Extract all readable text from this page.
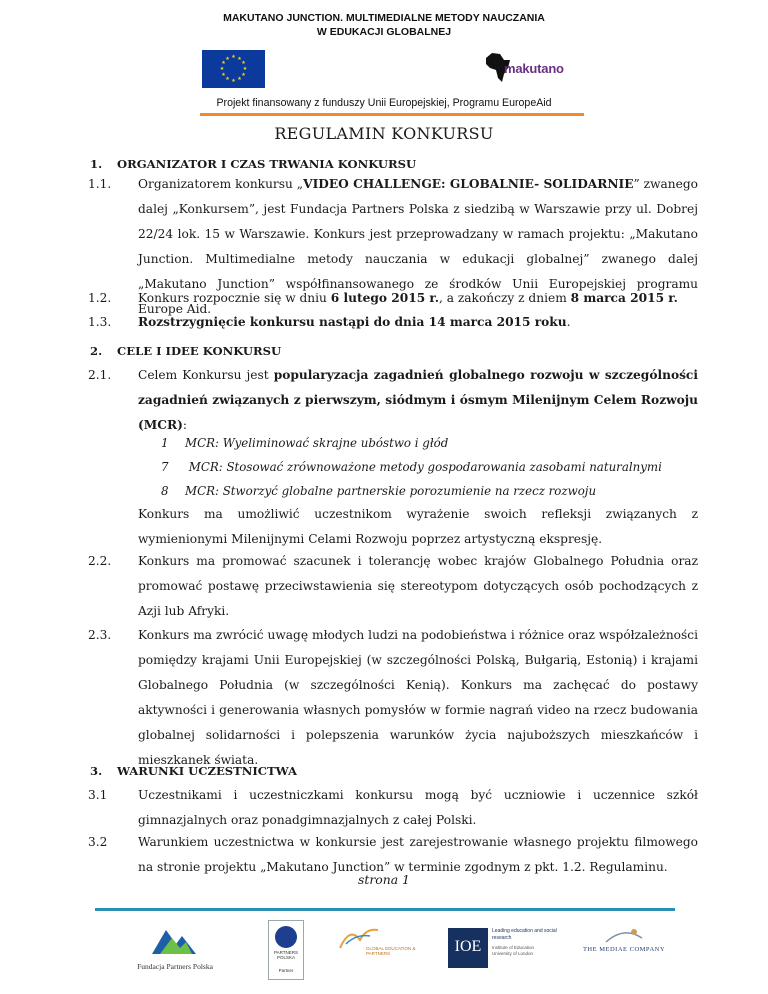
MAKUTANO JUNCTION. MULTIMEDIALNE METODY NAUCZANIA
W EDUKACJI GLOBALNEJ
★ ★
★
★
★
★
★
★
★
★
★
★
makutano
Projekt finansowany z funduszy Unii Europejskiej, Programu EuropeAid
REGULAMIN KONKURSU
1. ORGANIZATOR I CZAS TRWANIA KONKURSU
1.1. Organizatorem konkursu „VIDEO CHALLENGE: GLOBALNIE- SOLIDARNIE” zwanego dalej „Konkursem”, jest Fundacja Partners Polska z siedzibą w Warszawie przy ul. Dobrej 22/24 lok. 15 w Warszawie. Konkurs jest przeprowadzany w ramach projektu: „Makutano Junction. Multimedialne metody nauczania w edukacji globalnej” zwanego dalej „Makutano Junction” współfinansowanego ze środków Unii Europejskiej programu Europe Aid.
1.2. Konkurs rozpocznie się w dniu 6 lutego 2015 r., a zakończy z dniem 8 marca 2015 r.
1.3. Rozstrzygnięcie konkursu nastąpi do dnia 14 marca 2015 roku.
2. CELE I IDEE KONKURSU
2.1. Celem Konkursu jest popularyzacja zagadnień globalnego rozwoju w szczególności zagadnień związanych z pierwszym, siódmym i ósmym Milenijnym Celem Rozwoju (MCR):
1 MCR: Wyeliminować skrajne ubóstwo i głód
7 MCR: Stosować zrównoważone metody gospodarowania zasobami naturalnymi
8 MCR: Stworzyć globalne partnerskie porozumienie na rzecz rozwoju
Konkurs ma umożliwić uczestnikom wyrażenie swoich refleksji związanych z wymienionymi Milenijnymi Celami Rozwoju poprzez artystyczną ekspresję.
2.2. Konkurs ma promować szacunek i tolerancję wobec krajów Globalnego Południa oraz promować postawę przeciwstawienia się stereotypom dotyczących osób pochodzących z Azji lub Afryki.
2.3. Konkurs ma zwrócić uwagę młodych ludzi na podobieństwa i różnice oraz współzależności pomiędzy krajami Unii Europejskiej (w szczególności Polską, Bułgarią, Estonią) i krajami Globalnego Południa (w szczególności Kenią). Konkurs ma zachęcać do postawy aktywności i generowania własnych pomysłów w formie nagrań video na rzecz budowania globalnej solidarności i polepszenia warunków życia najuboższych mieszkańców i mieszkanek świata.
3. WARUNKI UCZESTNICTWA
3.1	Uczestnikami i uczestniczkami konkursu mogą być uczniowie i uczennice szkół gimnazjalnych oraz ponadgimnazjalnych z całej Polski.
3.2	Warunkiem uczestnictwa w konkursie jest zarejestrowanie własnego projektu filmowego na stronie projektu „Makutano Junction” w terminie zgodnym z pkt. 1.2. Regulaminu.
strona 1
Fundacja Partners Polska
PARTNERS POLSKA
Partner
GLOBAL EDUCATION & PARTNERS	IOE
Leading education and social research
Institute of Education
University of London
THE MEDIAE COMPANY
